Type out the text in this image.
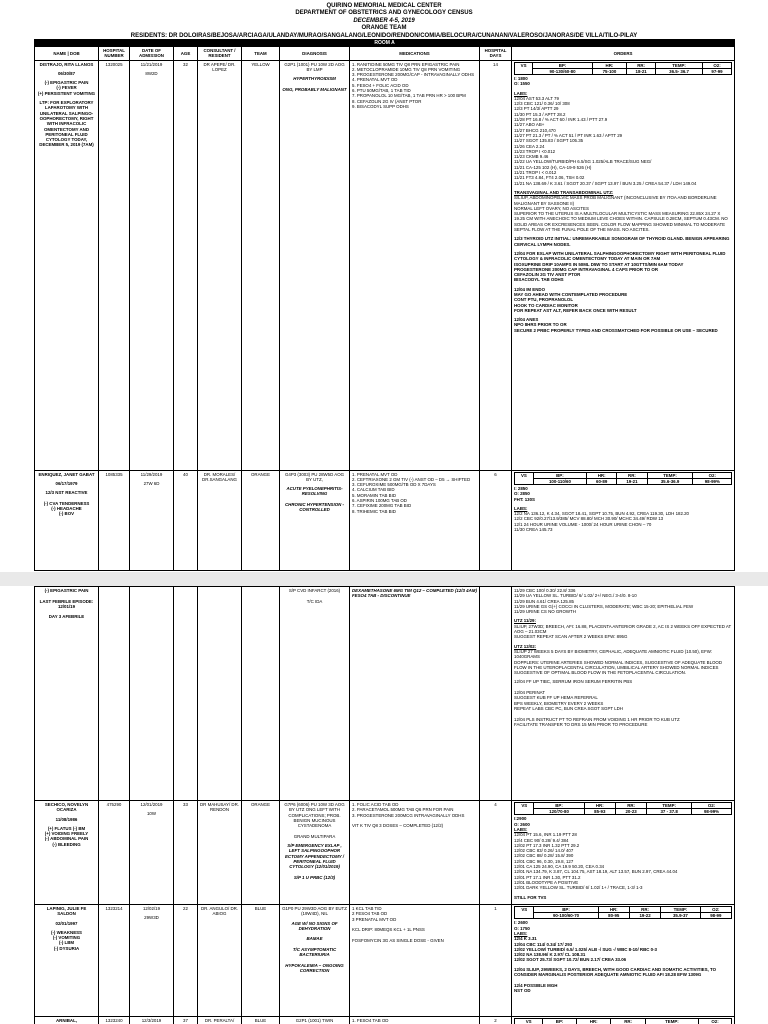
QUIRINO MEMORIAL MEDICAL CENTER
DEPARTMENT OF OBSTETRICS AND GYNECOLOGY CENSUS
DECEMBER 4-5, 2019
ORANGE TEAM
RESIDENTS: DR DOLOIRAS/BEJOSA/ARCIAGA/ULANDAY/MURAO/SANGALANG/LEONIDO/RENDON/COMIA/BELOCURA/CUNANAN/VALEROSO/JANORAS/DE VILLA/TILO-PILAY
ROOM A
NAME | DOB	HOSPITAL NUMBER	DATE OF ADMISSION	AGE	CONSULTANT / RESIDENT	TEAM	DIAGNOSIS	MEDICATIONS	HOSPITAL DAYS	ORDERS

DISTRAJO, RITA LLANOS
06/30/87
(-) EPIGASTRIC PAIN
(-) FEVER
(+) PERSISTENT VOMITING
LTP: FOR EXPLORATORY LAPAROTOMY WITH UNILATERAL SALPINGO-OOPHORECTOMY, RIGHT WITH INFRACOLIC OMENTECTOMY AND PERITONEAL FLUID CYTOLOGY TODAY, DECEMBER 5, 2019 (7AM)
	1320025	11/21/2019
8W2D
	32	DR APEPE/ DR. LOPEZ	YELLOW	G2P1 (1001) PU 10W 2D AOG BY LMP
HYPERTHYROIDISM

ONG, PROBABLY MALIGNANT
	1. RANITIDINE 50MG TIV Q8 PRN EPIGASTRIC PAIN
2. METOCLOPRAMIDE 10MG TIV Q8 PRN VOMITING
3. PROGESTERONE 200MG/CAP - INTRAVAGINALLY ODHS
4. PRENATAL MVT OD
5. FESO4 + FOLIC ACID OD
6. PTU 50MG/TAB, 1 TAB TID
7. PROPANOLOL 10 MG/TAB, 1 TAB PRN HR > 100 BPM
8. CEFAZOLIN 2G IV (ANST PTOR
9. BISACODYL SUPP ODHS	14		VS	BP:	HR:	RR:	TEMP:	O2:
90-130/60-80	75-100	18-21	36.5- 36.7	97-99
I: 1800
O: 1550
LABS:
12/04 AST 53.3 ALT 79
12/3 CBC 121/ 0.36/ 10/ 308
12/3 PT 14/3/ APTT 29
11/30 PT 15.3 / APTT 28.2
11/28 PT 16.8 / % ACT 60 / INR 1.43 / PTT 27.9
11/27 ABO AB+
11/27 BHCG 210,470
11/27 PT 21.3 / PT / % ACT 51 / PT INR 1.63 / APTT 29
11/27 SGOT 135.83 / SGPT 105.35
11/26 CEA 2.24
11/23 TROP I <0.012
11/23 CKMB 9.46
11/22 UA YELLOW/TURBID/PH 6.5/SG 1.025/ALB TRACE/SUG NEG/
11/21 CA-125 102 (H), CA-19-9 526 (H)
11/21 TROP I < 0.012
11/21 FT3 4.84, FT4 2.06, TSH 0.02
11/21 NA 138.69 / K 3.61 / SGOT 20.37 / SGPT 13.97 / BUN 3.25 / CREA 54.37 / LDH 149.04
TRANSVAGINAL AND TRANSABDOMINAL UTZ:
S/LIUP, ABDOMINOPELVIC MASS PROB MALIGNANT (INCONCLUSIVE BY ITOA AND BORDERLINE MALIGNANT BY SASSONE II)
NORMAL LEFT OVARY, NO ASCITES
SUPERIOR TO THE UTERUS IS A MULTILOCULAR MULTICYSTIC MASS MEASURING 22.85X 24.27 X 19.25 CM WITH ANECHOIC TO MEDIUM LEVE CHOES WITHIN. CAPSULE 0.28CM, SEPTUM 0.43CM. NO SOLID AREAS OR EXCRESENCES SEEN. COLOR FLOW MAPPING SHOWED MINIMAL TO MODERATE SEPTAL FLOW AT THE FUNAL POLE OF THE MASS. NO ASCITES.
12/3 THYROID UTZ INITIAL: UNREMARKABLE SONOGRAM OF THYROID GLAND. BENIGN APPEARING CERVICAL LYMPH NODES.
12/04 FOR EXLAP WITH UNILATERAL SALPHINGOOPHORECTOMY RIGHT WITH PERITONEAL FLUID CYTOLOGY & INFRACOLIC OMENTECTOMY TODAY AT MAIN OR 7AM
ISOXUPRINE DRIP 10AMPS IN 50ML D5W TO START AT 10GTTS/MIN 6AM TODAY
PROGESTERONE 200MG CAP INTRAVAGINAL 4 CAPS PRIOR TO OR
CEFAZOLIN 2G TIV ANST PTOR
BISACODYL TAB ODHS
12/04 IM ENDO
MAY GO AHEAD WITH CONTEMPLATED PROCEDURE
CONT PTU, PROPRANOLOL
HOOK TO CARDIAC MONITOR
FOR REPEAT AST ALT, REFER BACK ONCE WITH RESULT
12/04 ANES
NPO 8HRS PRIOR TO OR
SECURE 2 PRBC PROPERLY TYPED AND CROSSMATCHED FOR POSSIBLE OR USE – SECURED

ENRIQUEZ, JANET GABAT
06/17/1979
12/3 NST REACTIVE

(-) CVA TENDERNESS
(-) HEADACHE
(-) BOV
	1085335	11/29/2019
27W 6D
	40	DR. MORALES/ DR.SANGALANG	ORANGE	G4P3 (3003) PU 28W5D AOG BY UTZ,
ACUTE PYELONEPHRITIS- RESOLVING

CHRONIC HYPERTENSION -CONTROLLED
	1. PRENATAL MVT OD
2. CEFTRIAXONE 2 GM TIV (-) ANST OD – D5 → SHIFTED
3. CEFUROXIME 500MG/TB OD X 7DAYS
4. CALCIUM TAB BID
5. MORAMIN TAB BID
6. ASPIRIN 100MG TAB OD
7. CEFIXIME 200MG TAB BID
8. TRIHEMIC TAB BID	6		VS	BP:	HR:	RR:	TEMP:	O2:
100-110/60	60-89	19-21	35.6-36.9	98-99%
I: 2850
O: 2850
FHT: 130S
LABS:
12/2 NA 136.12, K 4.34, SGOT 18.41, SGPT 10.75, BUN 4.92, CREA 119.30, LDH 182.20
12/2 CBC 92/0.27/13.9/385/ MCV 88.80/ MCH 30.90/ MCHC 34.49/ RDW 13
12/1 24 HOUR URINE VOLUME - 1000/ 24 HOUR URINE CHON – 70
11/30 CREA 145.73
(-) EPIGASTRIC PAIN

LAST FEBRILE EPISODE: 12/01/19

DAY 3 AFEBRILE						S/P CVD INFARCT (2016)

T/C IDA	DEXAMETHASONE 6MG TIM Q12 – COMPLETED (12/3 4AM)
FESO4 TAB - DISCONTINUE		
11/29 CBC 100/ 0.30/ 22.8/ 336
11/29 UA YELLOW SL. TURBID/ 6/ 1.02/ 2+/ NEG./ 3-4/0. 8-10
11/29 BUN 4.61/ CREA 125.85
11/29 URINE GS G(+) COCCI IN CLUSTERS, MODERATE; WBC 15-20; EPITHELIAL FEW
11/29 URINE CS NO GROWTH
UTZ 11/29:
SLIUP, 27W3D; BREECH, AFI: 16.88, PLACENTA ANTERIOR GRADE 2, AC IS 2 WEEKS OFF EXPECTED AT AOG – 21.03CM
SUGGEST REPEAT SCAN AFTER 2 WEEKS EFW: 895G
UTZ 12/02:
SLIUP 27 WEEKS 5 DAYS BY BIOMETRY, CEPHALIC, ADEQUATE AMNIOTIC FLUID (10.50), EFW: 1040GRAMS
DOPPLERS: UTERINE ARTERIES SHOWED NORMAL INDICES, SUGGESTIVE OF ADEQUATE BLOOD FLOW IN THE UTEROPLACENTAL CIRCULATION, UMBILICAL ARTERY SHOWED NORMAL INDICES SUGGESTIVE OF OPTIMAL BLOOD FLOW IN THE FETOPLACENTAL CIRCULATION.
12/04 FF UP TIBC, SERRUM IRON SERUM FERRITIN PBS

12/04 PERINAT
SUGGEST KUB FF UP HEMA REFERRAL
BPS WEEKLY, BIOMETRY EVERY 2 WEEKS
REPEAT LABS CBC PC, BUN CREA SGOT SGPT LDH

12/04 PLS INSTRUCT PT TO REFRAIN FROM VOIDING 1 HR PRIOR TO KUB UTZ
FACILITATE TRANSFER TO DRS 15 MIN PRIOR TO PROCEDURE

SECHICO, NOVELYN OCARIZA
11/08/1986
(+) FLATUS (-) BM
(+) VOIDING FREELY
(-) ABDOMINAL PAIN
(-) BLEEDING
	475290	12/01/2019
10W
	33	DR MAHUSAY/ DR. RENDON	ORANGE	G7P6 (6006) PU 10W 3D AOG BY UTZ ONG LEFT WITH COMPLICATIONS; PROB. BENIGN MUCINOUS CYSTADENOMA

GRAND MULTIPARA
S/P EMERGENCY EXLAP , LEFT SALPINGOOPHOR ECTOMY APPENDECTOMY / PERITONEAL FLUID CYTOLOGY (12/01/2019)

S/P 1 U PRBC (12/3)
	1. FOLIC ACID TAB OD
2. PARACETAMOL 500MG TAB Q6 PRN FOR PAIN
3. PROGESTERONE 200MCG INTRAVAGINALLY ODHS

VIT K TIV Q8 3 DOSES – COMPLETED (12/2)	4		VS	BP:	HR:	RR:	TEMP:	O2:
120/70-80	85-93	20-23	37 - 37.8	98-99%
I:2900
O: 2600
LABS:
12/04 PT 15.6, INR 1.19 PTT 28
12/4 CBC 90/ 0.28/ 9.4/ 384
12/02 PT 17.3 INR 1.32 PTT 29.2
12/02 CBC 83/ 0.26/ 14.0/ 407
12/02 CBC 88/ 0.28/ 15.8/ 390
12/01 CBC 96, 0.30, 19.8, 127
12/01 CA 125 24.90, CA 19.9 50.20, CEA 0.34
12/01 NA 134.79, K 3.87, CL 104.75, AST 18.19, ALT 13.57, BUN 2.97, CREA 44.04
12/01 PT 17.1 INR 1.30, PTT 31.2
12/01 BLOODTYPE A POSITIVE
12/01 DARK YELLOW SL. TURBID/ 6/ 1.02/ 1+ / TRACE, 1-3/ 1-3
STILL FOR TVS

LAPINIG, JULIE FE SALDON
02/01/1997
(-) WEAKNESS
(-) VOMITING
(-) LBM
(-) DYSURIA
	1323214	12/02/19
29W3D
	22	DR. ANGULO/ DR. ABIOG	BLUE	G1P0 PU 29W3D AOG BY EUTZ (19W4D), NIL
AGE W/ NO SIGNS OF DEHYDRATION

BAMAE

T/C ASYMPTOMATIC BACTERIURIA

HYPOKALEMIA – ONGOING CORRECTION
	1 KCL TAB TID
2 FESO4 TAB OD
3 PRENATAL MVT OD

KCL DRIP: 80MEQS KCL + 1L PNSS

FOSFOMYCIN 3G AS SINGLE DOSE - GIVEN	1		VS	BP:	HR:	RR:	TEMP:	O2:
90-100/60-70	80-95	19-22	35.9-37	98-99
I: 2600
O: 1750
LABS:
12/4 K 3.31
12/04 CBC 114/ 0.34/ 17/ 293
12/02 YELLOW/ TURBID/ 6.5/ 1.025/ ALB -/ SUG -/ WBC 8-10/ RBC 0-3
12/02 NA 138.96/ K 2.97/ CL 108.31
12/02 SGOT 25.73/ SGPT 10.72/ BUN 2.17/ CREA 33.06
12/04 SLIUP, 29WEEKS, 2 DAYS, BREECH, WITH GOOD CARDIAC AND SOMATIC ACTIVITIES, TO CONSIDER MARGINALIS POSTERIOR ADEQUATE AMNIOTIC FLUID AFI 18.28 EFW 1309G

12/4 POSSIBLE MGH
NST OD

ARNIBAL,	1323240	12/3/2019	37	DR. PERALTA/	BLUE	G2P1 (1001) TWIN	1. FESO4 TAB OD	2		VS	BP:	HR:	RR:	TEMP:	O2:
